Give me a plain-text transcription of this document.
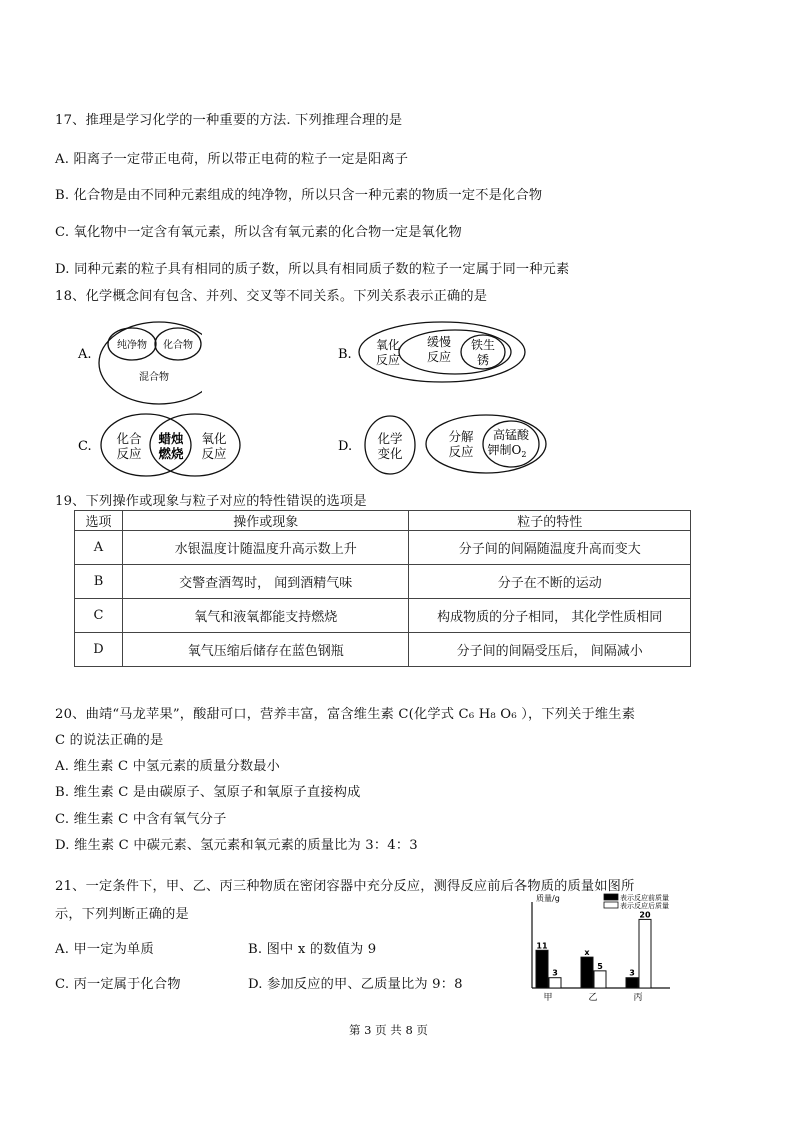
17、推理是学习化学的一种重要的方法. 下列推理合理的是
A. 阳离子一定带正电荷，所以带正电荷的粒子一定是阳离子
B. 化合物是由不同种元素组成的纯净物，所以只含一种元素的物质一定不是化合物
C. 氧化物中一定含有氧元素，所以含有氧元素的化合物一定是氧化物
D. 同种元素的粒子具有相同的质子数，所以具有相同质子数的粒子一定属于同一种元素
18、化学概念间有包含、并列、交叉等不同关系。下列关系表示正确的是
A.
纯净物 化合物
混合物
B.
氧化
反应
缓慢
反应
铁生
锈
C.
化合
反应
蜡烛
燃烧
氧化
反应	D.
化学
变化
分解
反应
高锰酸
钾制$O_2$
19、下列操作或现象与粒子对应的特性错误的选项是
选项	操作或现象	粒子的特性
A	水银温度计随温度升高示数上升	分子间的间隔随温度升高而变大
B	交警查酒驾时， 闻到酒精气味	分子在不断的运动
C	氧气和液氧都能支持燃烧	构成物质的分子相同， 其化学性质相同
D	氧气压缩后储存在蓝色钢瓶	分子间的间隔受压后， 间隔减小
20、曲靖“马龙苹果”，酸甜可口，营养丰富，富含维生素 C(化学式 C₆ H₈ O₆ ），下列关于维生素
C 的说法正确的是
A. 维生素 C 中氢元素的质量分数最小
B. 维生素 C 是由碳原子、氢原子和氧原子直接构成
C. 维生素 C 中含有氧气分子
D. 维生素 C 中碳元素、氢元素和氧元素的质量比为 3：4：3
21、一定条件下，甲、乙、丙三种物质在密闭容器中充分反应，测得反应前后各物质的质量如图所
示，下列判断正确的是
A. 甲一定为单质	B. 图中 x 的数值为 9
C. 丙一定属于化合物	D. 参加反应的甲、乙质量比为 9：8
质量/g	表示反应前质量
表示反应后质量
11
3
甲
x
5
乙
3
20
丙
第 3 页 共 8 页
